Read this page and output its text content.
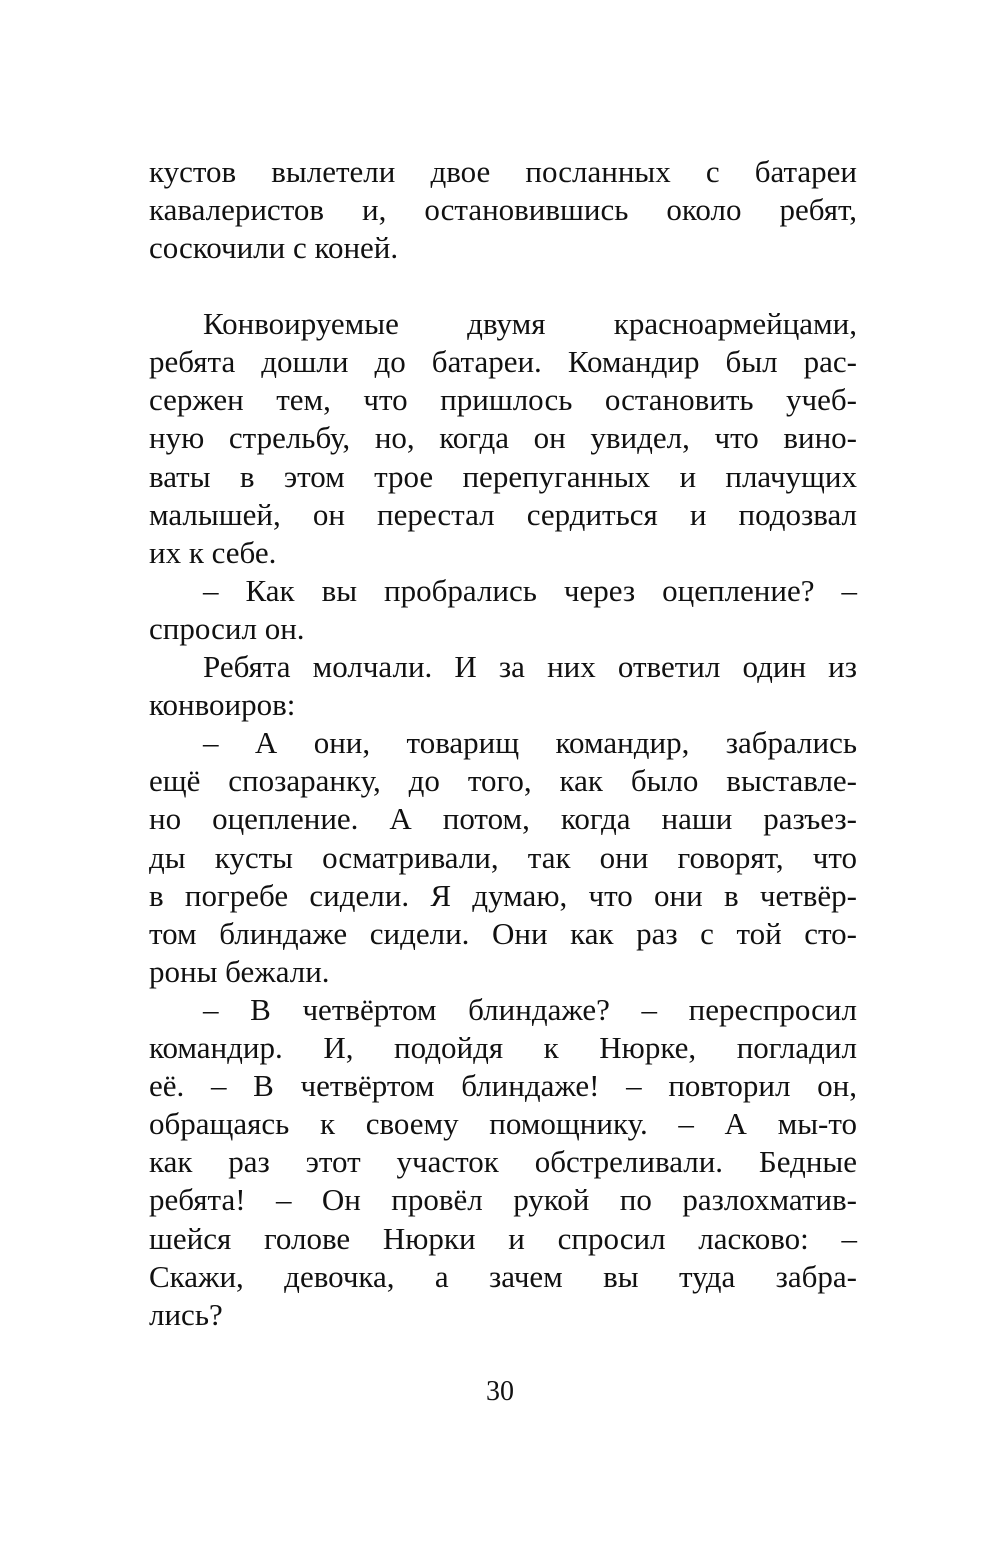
кустов вылетели двое посланных с батареи
кавалеристов и, остановившись около ребят,
соскочили с коней.
Конвоируемые двумя красноармейцами,
ребята дошли до батареи. Командир был рас-
сержен тем, что пришлось остановить учеб-
ную стрельбу, но, когда он увидел, что вино-
ваты в этом трое перепуганных и плачущих
малышей, он перестал сердиться и подозвал
их к себе.
– Как вы пробрались через оцепление? –
спросил он.
Ребята молчали. И за них ответил один из
конвоиров:
– А они, товарищ командир, забрались
ещё спозаранку, до того, как было выставле-
но оцепление. А потом, когда наши разъез-
ды кусты осматривали, так они говорят, что
в погребе сидели. Я думаю, что они в четвёр-
том блиндаже сидели. Они как раз с той сто-
роны бежали.
– В четвёртом блиндаже? – переспросил
командир. И, подойдя к Нюрке, погладил
её. – В четвёртом блиндаже! – повторил он,
обращаясь к своему помощнику. – А мы-то
как раз этот участок обстреливали. Бедные
ребята! – Он провёл рукой по разлохматив-
шейся голове Нюрки и спросил ласково: –
Скажи, девочка, а зачем вы туда забра-
лись?
30
